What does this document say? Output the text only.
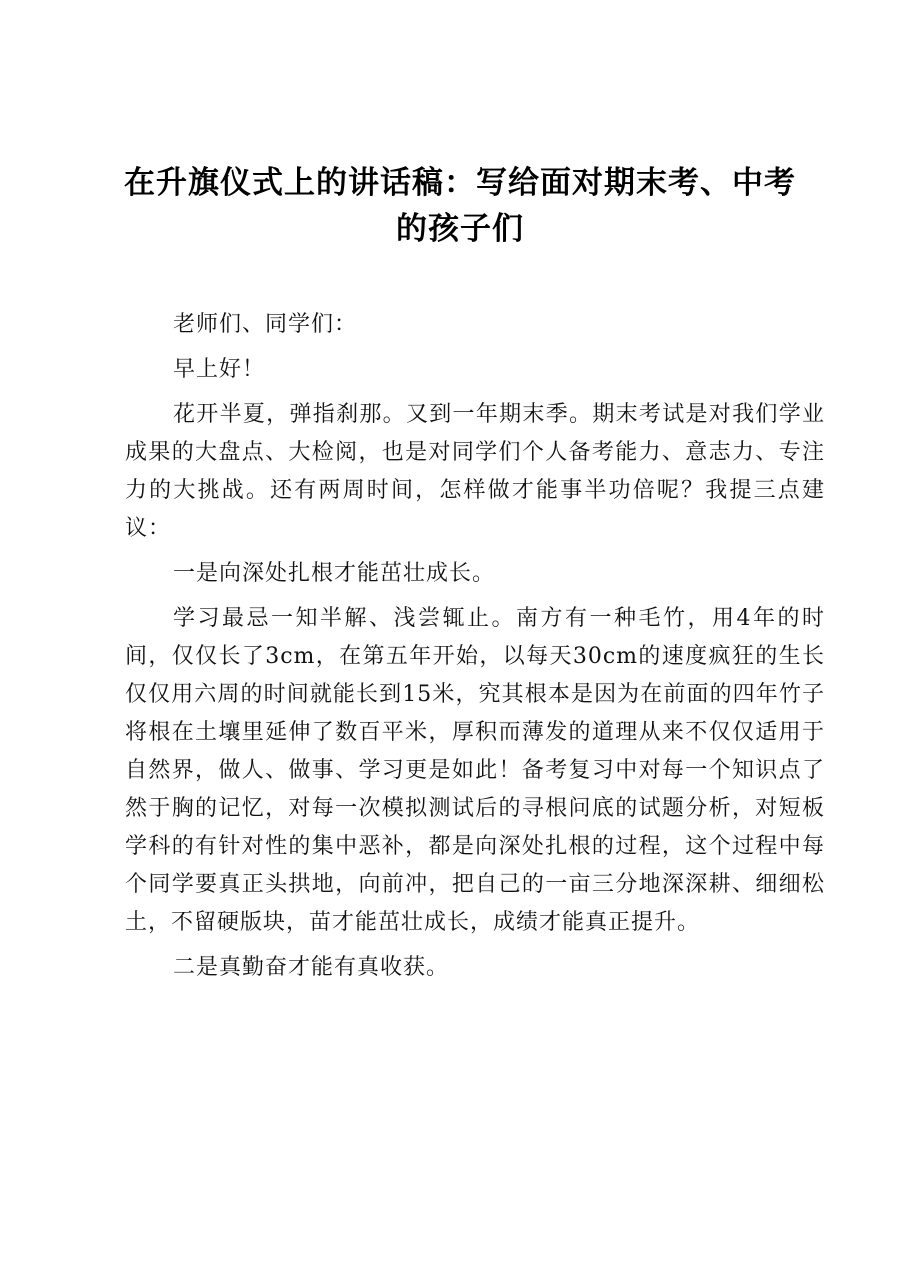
在升旗仪式上的讲话稿：写给面对期末考、中考的孩子们

老师们、同学们：

早上好！

花开半夏，弹指刹那。又到一年期末季。期末考试是对我们学业成果的大盘点、大检阅，也是对同学们个人备考能力、意志力、专注力的大挑战。还有两周时间，怎样做才能事半功倍呢？我提三点建议：

一是向深处扎根才能茁壮成长。

学习最忌一知半解、浅尝辄止。南方有一种毛竹，用4年的时间，仅仅长了3cm，在第五年开始，以每天30cm的速度疯狂的生长仅仅用六周的时间就能长到15米，究其根本是因为在前面的四年竹子将根在土壤里延伸了数百平米，厚积而薄发的道理从来不仅仅适用于自然界，做人、做事、学习更是如此！备考复习中对每一个知识点了然于胸的记忆，对每一次模拟测试后的寻根问底的试题分析，对短板学科的有针对性的集中恶补，都是向深处扎根的过程，这个过程中每个同学要真正头拱地，向前冲，把自己的一亩三分地深深耕、细细松土，不留硬版块，苗才能茁壮成长，成绩才能真正提升。

二是真勤奋才能有真收获。
